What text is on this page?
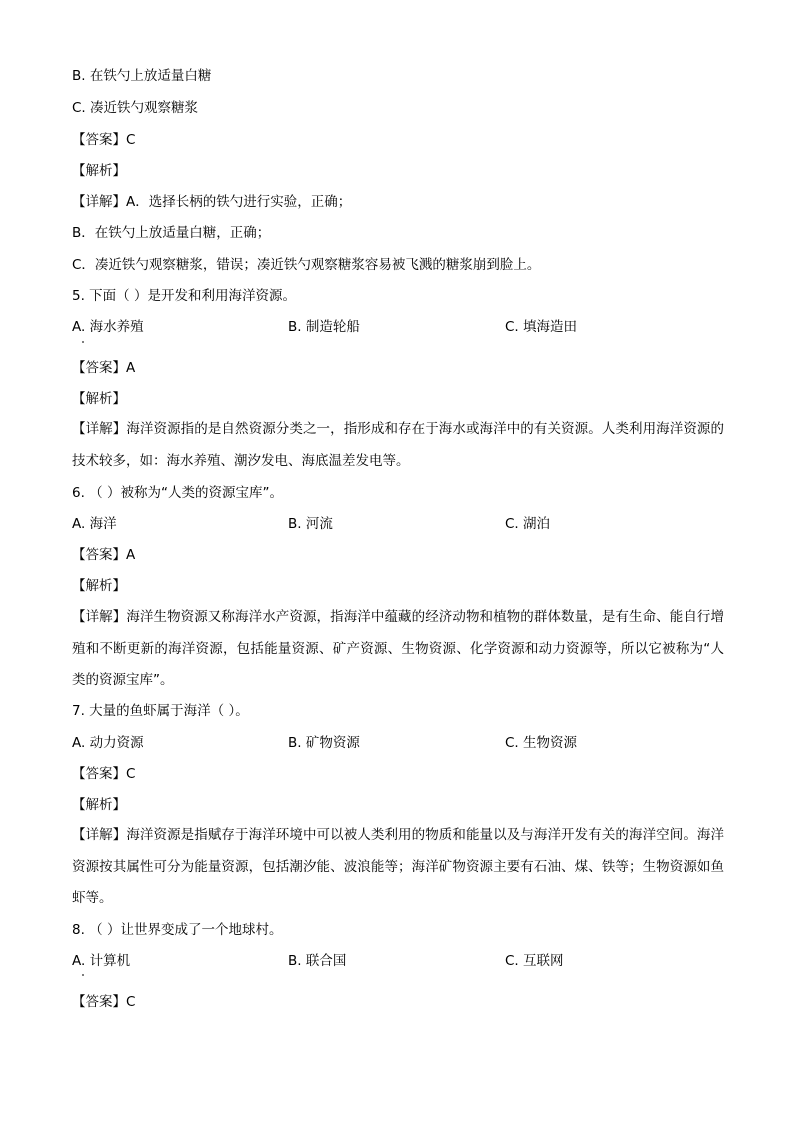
B. 在铁勺上放适量白糖
C. 凑近铁勺观察糖浆
【答案】C
【解析】
【详解】A．选择长柄的铁勺进行实验，正确；
B．在铁勺上放适量白糖，正确；
C．凑近铁勺观察糖浆，错误；凑近铁勺观察糖浆容易被飞溅的糖浆崩到脸上。
5. 下面（ ）是开发和利用海洋资源。
A. 海水养殖	B. 制造轮船	C. 填海造田
【答案】A
【解析】
【详解】海洋资源指的是自然资源分类之一，指形成和存在于海水或海洋中的有关资源。人类利用海洋资源的技术较多，如：海水养殖、潮汐发电、海底温差发电等。
6. （ ）被称为“人类的资源宝库”。
A. 海洋	B. 河流	C. 湖泊
【答案】A
【解析】
【详解】海洋生物资源又称海洋水产资源，指海洋中蕴藏的经济动物和植物的群体数量，是有生命、能自行增殖和不断更新的海洋资源，包括能量资源、矿产资源、生物资源、化学资源和动力资源等，所以它被称为“人类的资源宝库”。
7. 大量的鱼虾属于海洋（ ）。
A. 动力资源	B. 矿物资源	C. 生物资源
【答案】C
【解析】
【详解】海洋资源是指赋存于海洋环境中可以被人类利用的物质和能量以及与海洋开发有关的海洋空间。海洋资源按其属性可分为能量资源，包括潮汐能、波浪能等；海洋矿物资源主要有石油、煤、铁等；生物资源如鱼虾等。
8. （ ）让世界变成了一个地球村。
A. 计算机	B. 联合国	C. 互联网
【答案】C
